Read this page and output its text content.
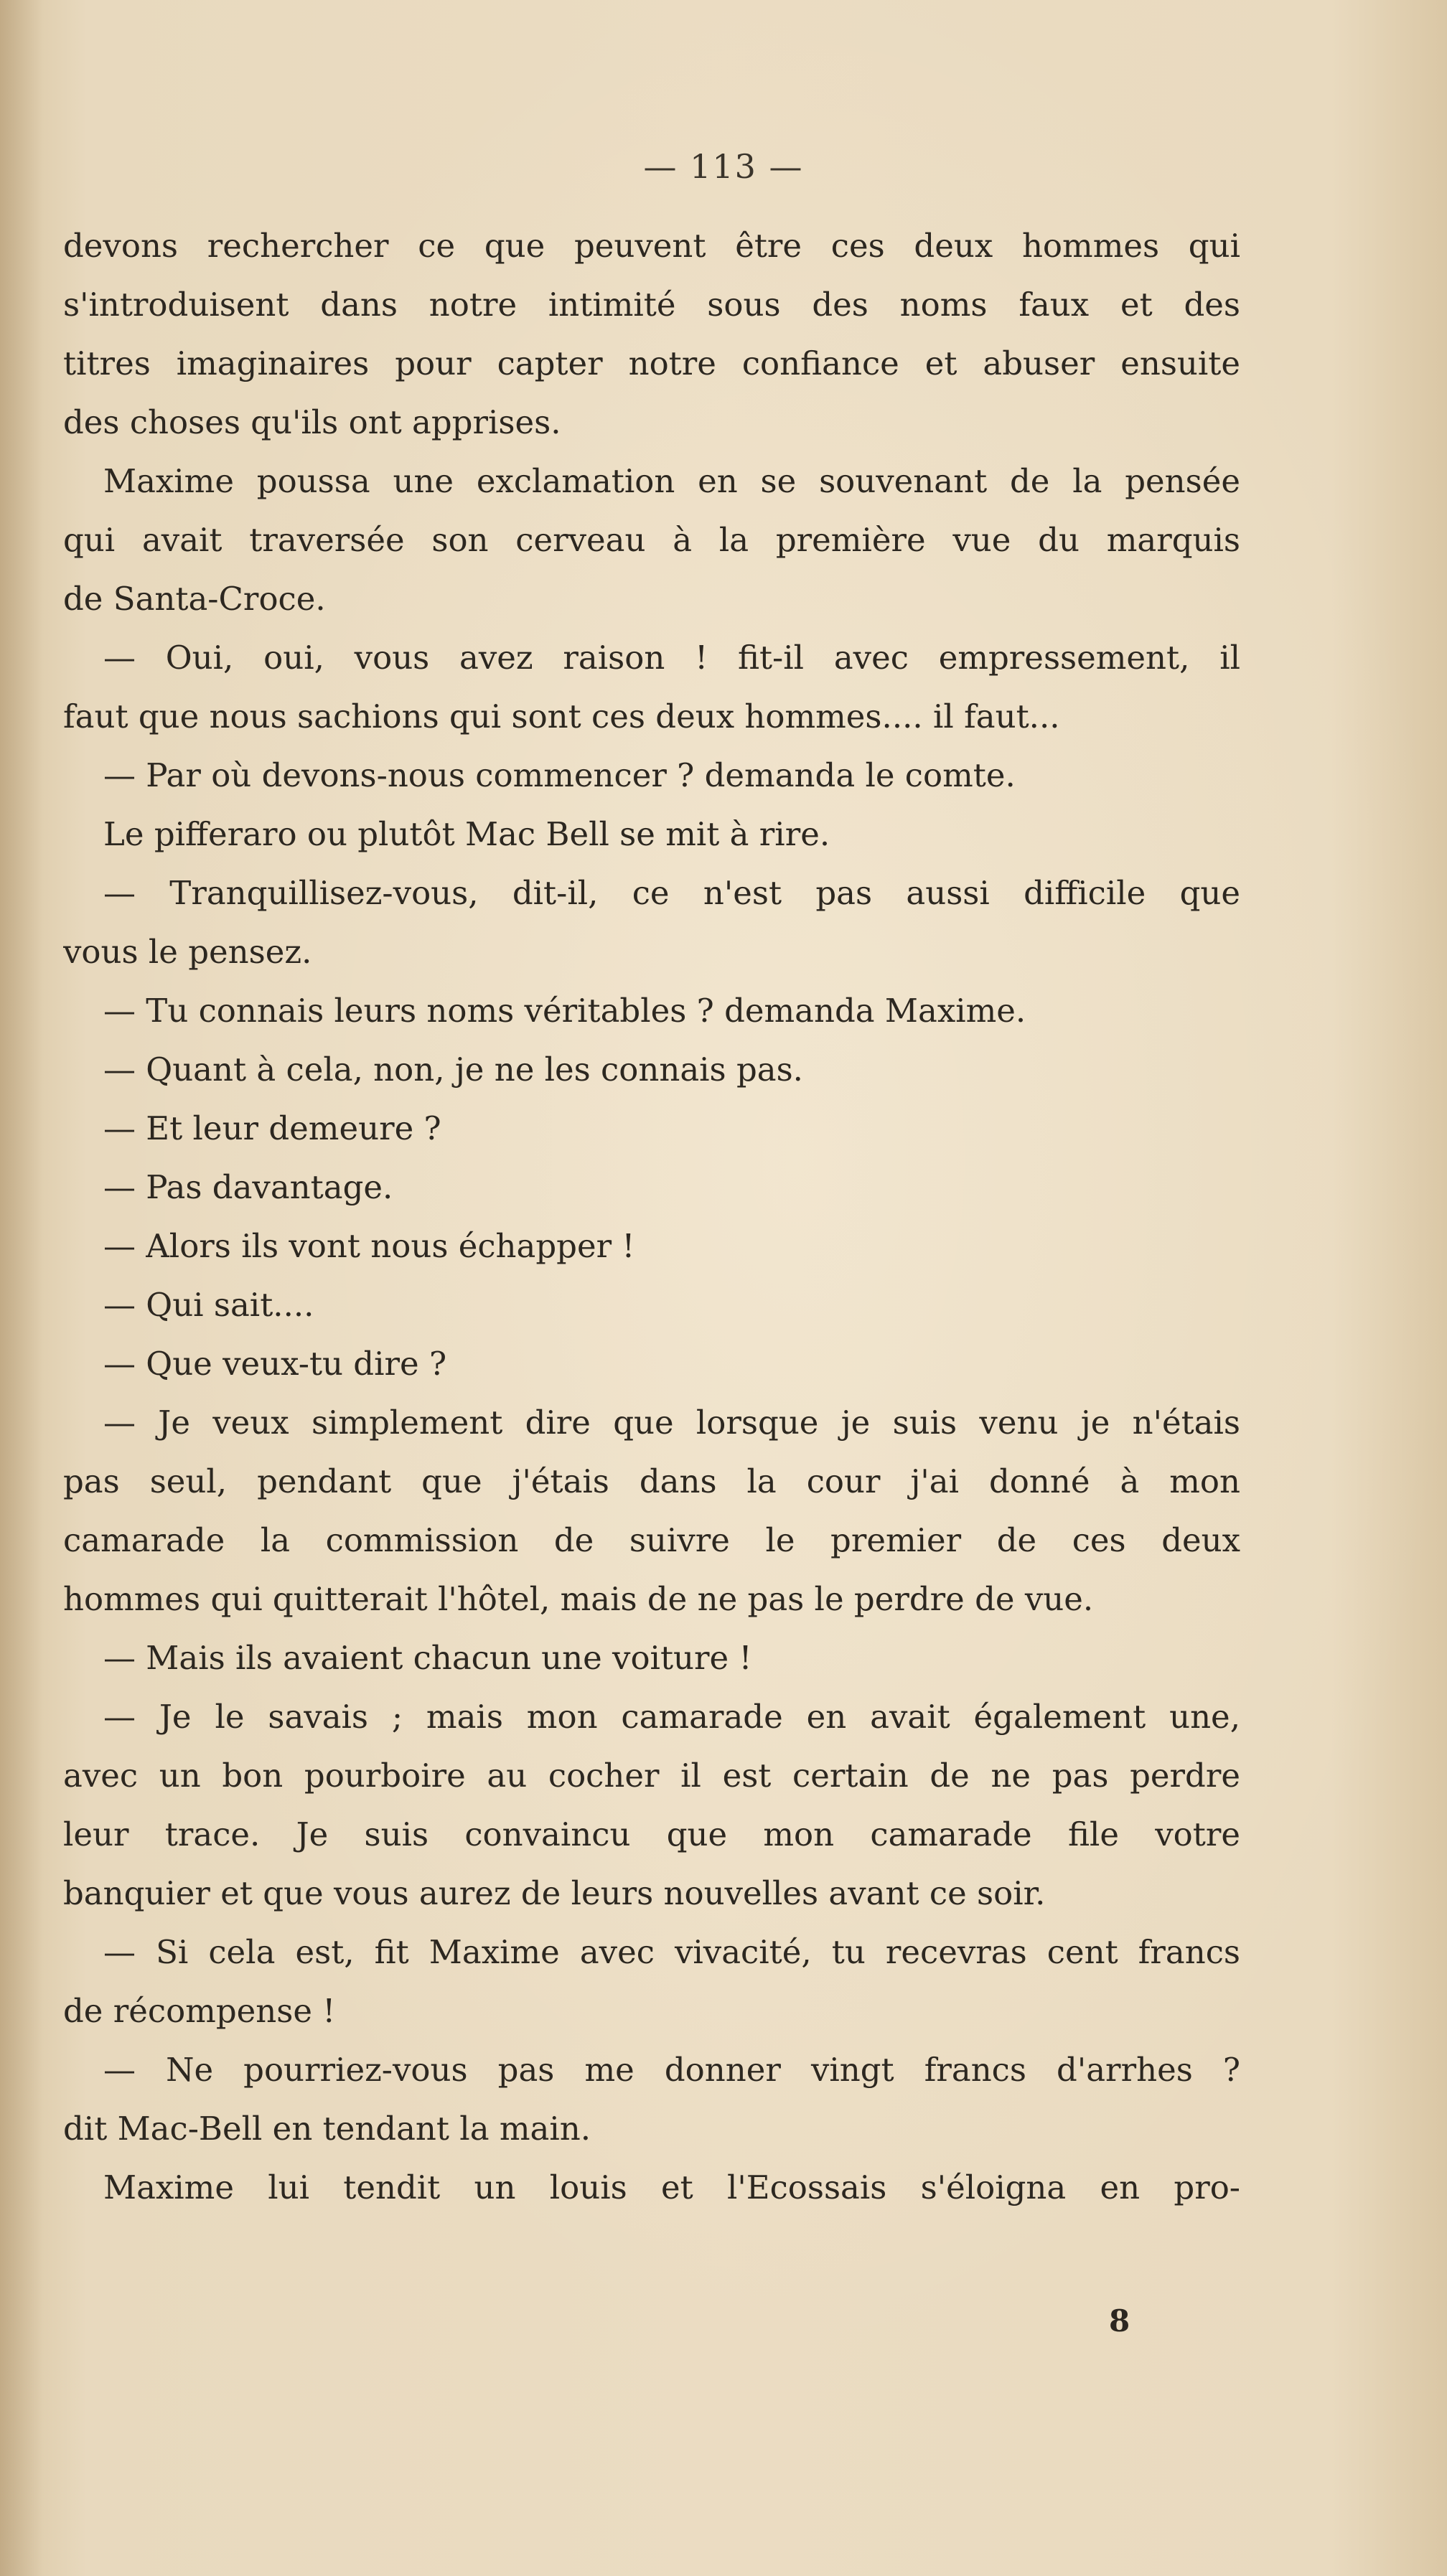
— 113 —
devons rechercher ce que peuvent être ces deux hommes qui
s'introduisent dans notre intimité sous des noms faux et des
titres imaginaires pour capter notre confiance et abuser ensuite
des choses qu'ils ont apprises.
Maxime poussa une exclamation en se souvenant de la pensée
qui avait traversée son cerveau à la première vue du marquis
de Santa-Croce.
— Oui, oui, vous avez raison ! fit-il avec empressement, il
faut que nous sachions qui sont ces deux hommes.... il faut...
— Par où devons-nous commencer ? demanda le comte.
Le pifferaro ou plutôt Mac Bell se mit à rire.
— Tranquillisez-vous, dit-il, ce n'est pas aussi difficile que
vous le pensez.
— Tu connais leurs noms véritables ? demanda Maxime.
— Quant à cela, non, je ne les connais pas.
— Et leur demeure ?
— Pas davantage.
— Alors ils vont nous échapper !
— Qui sait....
— Que veux-tu dire ?
— Je veux simplement dire que lorsque je suis venu je n'étais
pas seul, pendant que j'étais dans la cour j'ai donné à mon
camarade la commission de suivre le premier de ces deux
hommes qui quitterait l'hôtel, mais de ne pas le perdre de vue.
— Mais ils avaient chacun une voiture !
— Je le savais ; mais mon camarade en avait également une,
avec un bon pourboire au cocher il est certain de ne pas perdre
leur trace. Je suis convaincu que mon camarade file votre
banquier et que vous aurez de leurs nouvelles avant ce soir.
— Si cela est, fit Maxime avec vivacité, tu recevras cent francs
de récompense !
— Ne pourriez-vous pas me donner vingt francs d'arrhes ?
dit Mac-Bell en tendant la main.
Maxime lui tendit un louis et l'Ecossais s'éloigna en pro-
8
